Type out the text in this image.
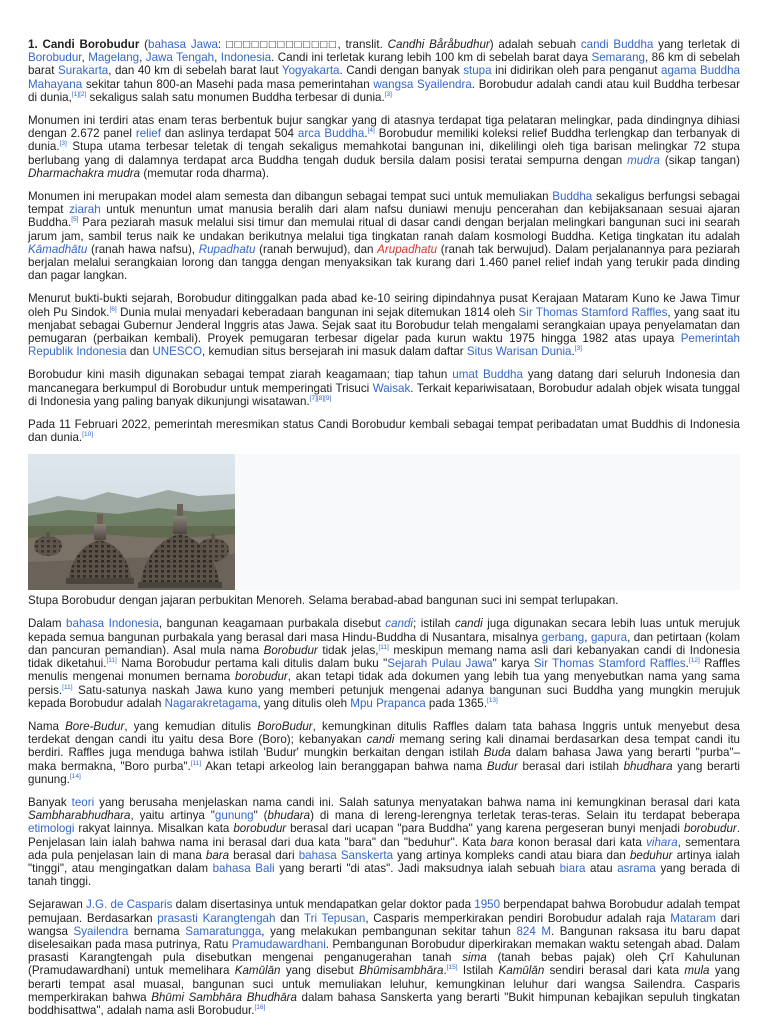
1. Candi Borobudur (bahasa Jawa: □□□□□□□□□□□□□, translit. Candhi Båråbudhur) adalah sebuah candi Buddha yang terletak di Borobudur, Magelang, Jawa Tengah, Indonesia. Candi ini terletak kurang lebih 100 km di sebelah barat daya Semarang, 86 km di sebelah barat Surakarta, dan 40 km di sebelah barat laut Yogyakarta. Candi dengan banyak stupa ini didirikan oleh para penganut agama Buddha Mahayana sekitar tahun 800-an Masehi pada masa pemerintahan wangsa Syailendra. Borobudur adalah candi atau kuil Buddha terbesar di dunia,[1][2] sekaligus salah satu monumen Buddha terbesar di dunia.[3]

Monumen ini terdiri atas enam teras berbentuk bujur sangkar yang di atasnya terdapat tiga pelataran melingkar, pada dindingnya dihiasi dengan 2.672 panel relief dan aslinya terdapat 504 arca Buddha.[4] Borobudur memiliki koleksi relief Buddha terlengkap dan terbanyak di dunia.[3] Stupa utama terbesar teletak di tengah sekaligus memahkotai bangunan ini, dikelilingi oleh tiga barisan melingkar 72 stupa berlubang yang di dalamnya terdapat arca Buddha tengah duduk bersila dalam posisi teratai sempurna dengan mudra (sikap tangan) Dharmachakra mudra (memutar roda dharma).

Monumen ini merupakan model alam semesta dan dibangun sebagai tempat suci untuk memuliakan Buddha sekaligus berfungsi sebagai tempat ziarah untuk menuntun umat manusia beralih dari alam nafsu duniawi menuju pencerahan dan kebijaksanaan sesuai ajaran Buddha.[5] Para peziarah masuk melalui sisi timur dan memulai ritual di dasar candi dengan berjalan melingkari bangunan suci ini searah jarum jam, sambil terus naik ke undakan berikutnya melalui tiga tingkatan ranah dalam kosmologi Buddha. Ketiga tingkatan itu adalah Kāmadhātu (ranah hawa nafsu), Rupadhatu (ranah berwujud), dan Arupadhatu (ranah tak berwujud). Dalam perjalanannya para peziarah berjalan melalui serangkaian lorong dan tangga dengan menyaksikan tak kurang dari 1.460 panel relief indah yang terukir pada dinding dan pagar langkan.

Menurut bukti-bukti sejarah, Borobudur ditinggalkan pada abad ke-10 seiring dipindahnya pusat Kerajaan Mataram Kuno ke Jawa Timur oleh Pu Sindok.[6] Dunia mulai menyadari keberadaan bangunan ini sejak ditemukan 1814 oleh Sir Thomas Stamford Raffles, yang saat itu menjabat sebagai Gubernur Jenderal Inggris atas Jawa. Sejak saat itu Borobudur telah mengalami serangkaian upaya penyelamatan dan pemugaran (perbaikan kembali). Proyek pemugaran terbesar digelar pada kurun waktu 1975 hingga 1982 atas upaya Pemerintah Republik Indonesia dan UNESCO, kemudian situs bersejarah ini masuk dalam daftar Situs Warisan Dunia.[3]

Borobudur kini masih digunakan sebagai tempat ziarah keagamaan; tiap tahun umat Buddha yang datang dari seluruh Indonesia dan mancanegara berkumpul di Borobudur untuk memperingati Trisuci Waisak. Terkait kepariwisataan, Borobudur adalah objek wisata tunggal di Indonesia yang paling banyak dikunjungi wisatawan.[7][8][9]

Pada 11 Februari 2022, pemerintah meresmikan status Candi Borobudur kembali sebagai tempat peribadatan umat Buddhis di Indonesia dan dunia.[10]

Stupa Borobudur dengan jajaran perbukitan Menoreh. Selama berabad-abad bangunan suci ini sempat terlupakan.

Dalam bahasa Indonesia, bangunan keagamaan purbakala disebut candi; istilah candi juga digunakan secara lebih luas untuk merujuk kepada semua bangunan purbakala yang berasal dari masa Hindu-Buddha di Nusantara, misalnya gerbang, gapura, dan petirtaan (kolam dan pancuran pemandian). Asal mula nama Borobudur tidak jelas,[11] meskipun memang nama asli dari kebanyakan candi di Indonesia tidak diketahui.[11] Nama Borobudur pertama kali ditulis dalam buku "Sejarah Pulau Jawa" karya Sir Thomas Stamford Raffles.[12] Raffles menulis mengenai monumen bernama borobudur, akan tetapi tidak ada dokumen yang lebih tua yang menyebutkan nama yang sama persis.[11] Satu-satunya naskah Jawa kuno yang memberi petunjuk mengenai adanya bangunan suci Buddha yang mungkin merujuk kepada Borobudur adalah Nagarakretagama, yang ditulis oleh Mpu Prapanca pada 1365.[13]

Nama Bore-Budur, yang kemudian ditulis BoroBudur, kemungkinan ditulis Raffles dalam tata bahasa Inggris untuk menyebut desa terdekat dengan candi itu yaitu desa Bore (Boro); kebanyakan candi memang sering kali dinamai berdasarkan desa tempat candi itu berdiri. Raffles juga menduga bahwa istilah 'Budur' mungkin berkaitan dengan istilah Buda dalam bahasa Jawa yang berarti "purba"– maka bermakna, "Boro purba".[11] Akan tetapi arkeolog lain beranggapan bahwa nama Budur berasal dari istilah bhudhara yang berarti gunung.[14]

Banyak teori yang berusaha menjelaskan nama candi ini. Salah satunya menyatakan bahwa nama ini kemungkinan berasal dari kata Sambharabhudhara, yaitu artinya "gunung" (bhudara) di mana di lereng-lerengnya terletak teras-teras. Selain itu terdapat beberapa etimologi rakyat lainnya. Misalkan kata borobudur berasal dari ucapan "para Buddha" yang karena pergeseran bunyi menjadi borobudur. Penjelasan lain ialah bahwa nama ini berasal dari dua kata "bara" dan "beduhur". Kata bara konon berasal dari kata vihara, sementara ada pula penjelasan lain di mana bara berasal dari bahasa Sanskerta yang artinya kompleks candi atau biara dan beduhur artinya ialah "tinggi", atau mengingatkan dalam bahasa Bali yang berarti "di atas". Jadi maksudnya ialah sebuah biara atau asrama yang berada di tanah tinggi.

Sejarawan J.G. de Casparis dalam disertasinya untuk mendapatkan gelar doktor pada 1950 berpendapat bahwa Borobudur adalah tempat pemujaan. Berdasarkan prasasti Karangtengah dan Tri Tepusan, Casparis memperkirakan pendiri Borobudur adalah raja Mataram dari wangsa Syailendra bernama Samaratungga, yang melakukan pembangunan sekitar tahun 824 M. Bangunan raksasa itu baru dapat diselesaikan pada masa putrinya, Ratu Pramudawardhani. Pembangunan Borobudur diperkirakan memakan waktu setengah abad. Dalam prasasti Karangtengah pula disebutkan mengenai penganugerahan tanah sima (tanah bebas pajak) oleh Çrī Kahulunan (Pramudawardhani) untuk memelihara Kamūlān yang disebut Bhūmisambhāra.[15] Istilah Kamūlān sendiri berasal dari kata mula yang berarti tempat asal muasal, bangunan suci untuk memuliakan leluhur, kemungkinan leluhur dari wangsa Sailendra. Casparis memperkirakan bahwa Bhūmi Sambhāra Bhudhāra dalam bahasa Sanskerta yang berarti "Bukit himpunan kebajikan sepuluh tingkatan boddhisattwa", adalah nama asli Borobudur.[16]
